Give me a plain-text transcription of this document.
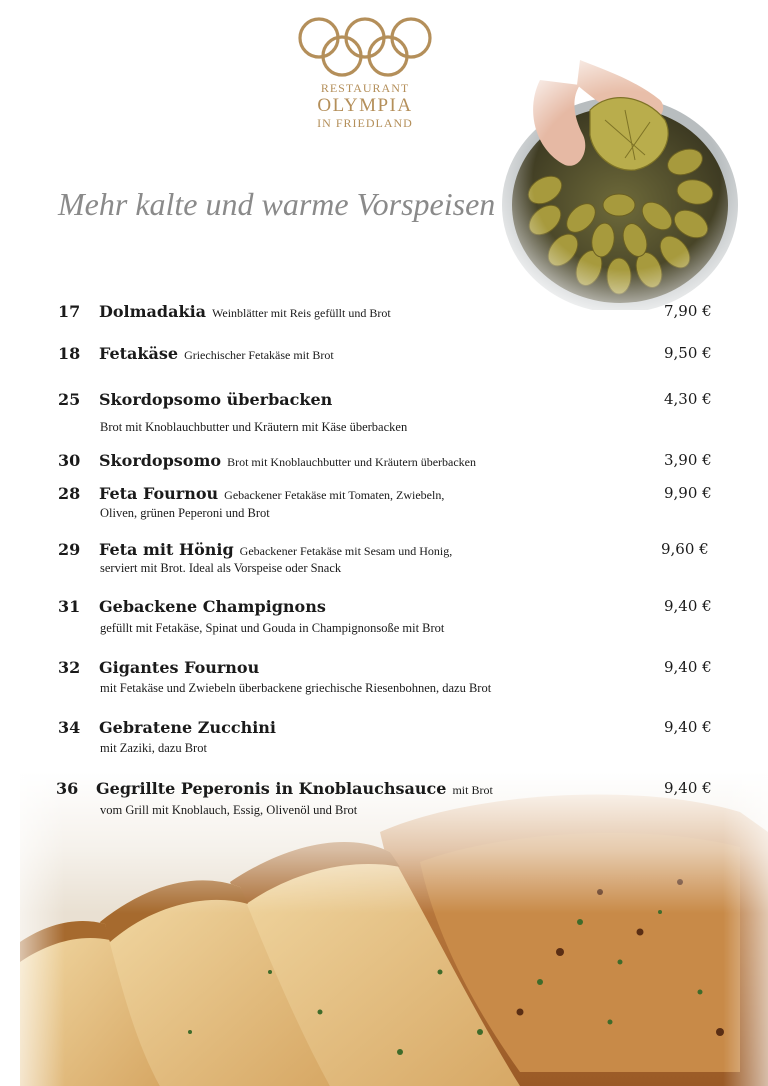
RESTAURANT
OLYMPIA
IN FRIEDLAND
Mehr kalte und warme Vorspeisen
17 Dolmadakia Weinblätter mit Reis gefüllt und Brot	7,90 €
18 Fetakäse Griechischer Fetakäse mit Brot	9,50 €
25 Skordopsomo überbacken	4,30 €
Brot mit Knoblauchbutter und Kräutern mit Käse überbacken
30 Skordopsomo Brot mit Knoblauchbutter und Kräutern überbacken	3,90 €
28 Feta Fournou Gebackener Fetakäse mit Tomaten, Zwiebeln,	9,90 €
Oliven, grünen Peperoni und Brot
29 Feta mit Hönig Gebackener Fetakäse mit Sesam und Honig,	9,60 €
serviert mit Brot. Ideal als Vorspeise oder Snack
31 Gebackene Champignons	9,40 €
gefüllt mit Fetakäse, Spinat und Gouda in Champignonsoße mit Brot
32 Gigantes Fournou	9,40 €
mit Fetakäse und Zwiebeln überbackene griechische Riesenbohnen, dazu Brot
34 Gebratene Zucchini	9,40 €
mit Zaziki, dazu Brot
36 Gegrillte Peperonis in Knoblauchsauce mit Brot	9,40 €
vom Grill mit Knoblauch, Essig, Olivenöl und Brot
